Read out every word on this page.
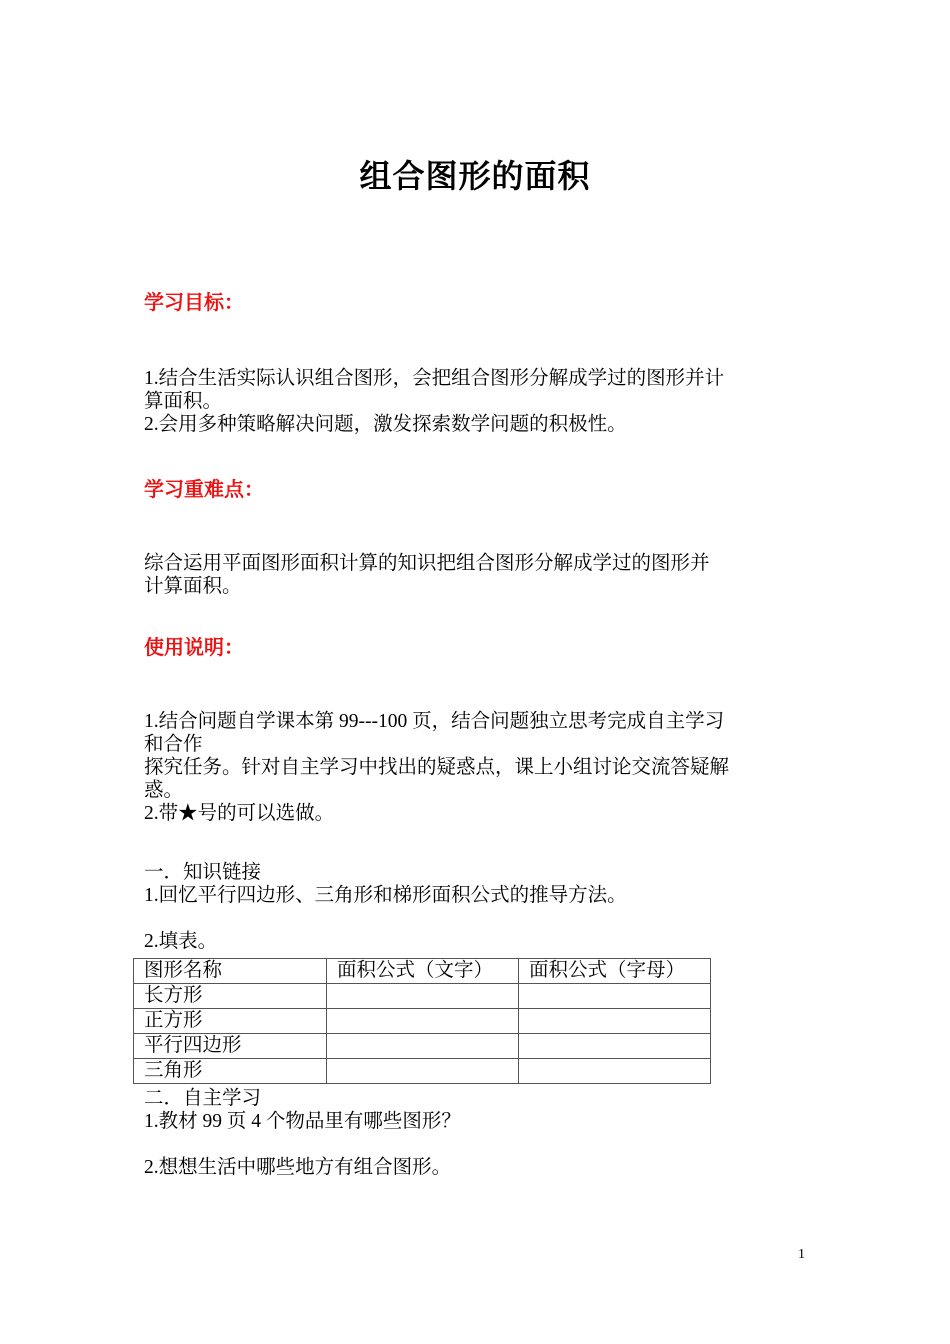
组合图形的面积
学习目标：
1.结合生活实际认识组合图形，会把组合图形分解成学过的图形并计
算面积。
2.会用多种策略解决问题，激发探索数学问题的积极性。
学习重难点：
综合运用平面图形面积计算的知识把组合图形分解成学过的图形并
计算面积。
使用说明：
1.结合问题自学课本第 99---100 页，结合问题独立思考完成自主学习
和合作
探究任务。针对自主学习中找出的疑惑点，课上小组讨论交流答疑解
惑。
2.带★号的可以选做。
一．知识链接
1.回忆平行四边形、三角形和梯形面积公式的推导方法。
2.填表。
图形名称	面积公式（文字）	面积公式（字母）
长方形		
正方形		
平行四边形		
三角形		
二．自主学习
1.教材 99 页 4 个物品里有哪些图形？
2.想想生活中哪些地方有组合图形。
1
